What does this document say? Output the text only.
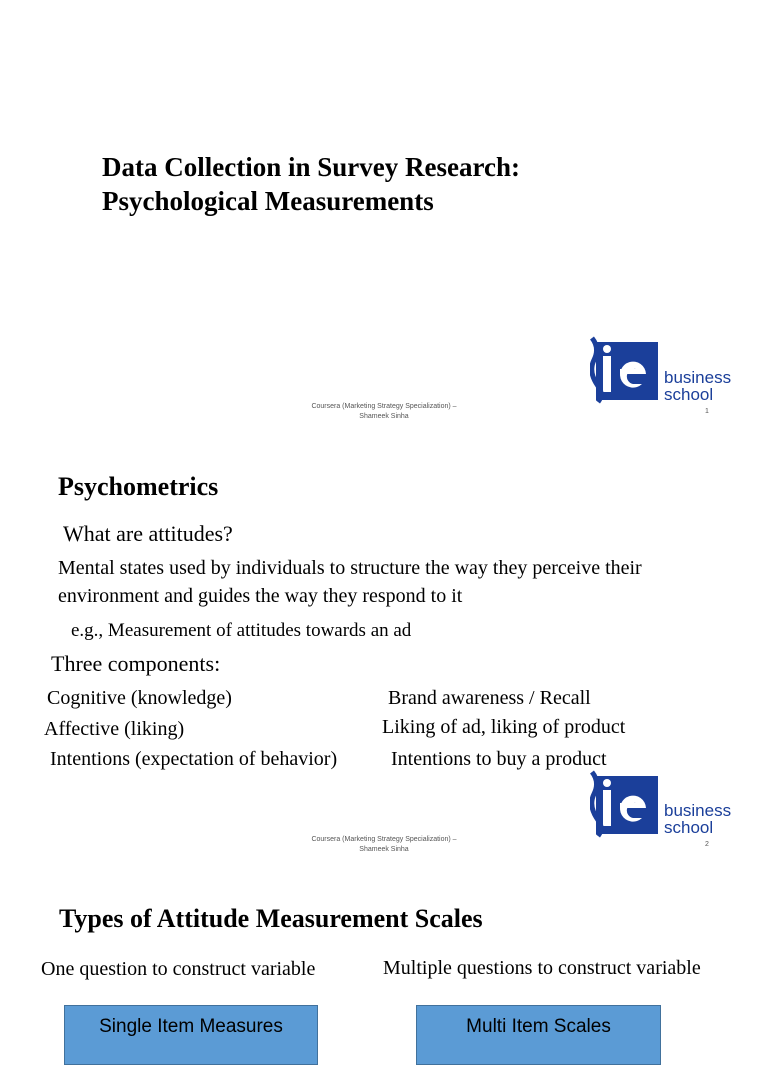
Data Collection in Survey Research:
Psychological Measurements
Coursera (Marketing Strategy Specialization) –
Shameek Sinha
business
school
1
Psychometrics
What are attitudes?
Mental states used by individuals to structure the way they perceive their
environment and guides the way they respond to it
e.g., Measurement of attitudes towards an ad
Three components:
Cognitive (knowledge)	Brand awareness / Recall
Affective (liking)	Liking of ad, liking of product
Intentions (expectation of behavior)	Intentions to buy a product
Coursera (Marketing Strategy Specialization) –
Shameek Sinha
business
school
2
Types of Attitude Measurement Scales
One question to construct variable	Multiple questions to construct variable
Single Item Measures	Multi Item Scales
